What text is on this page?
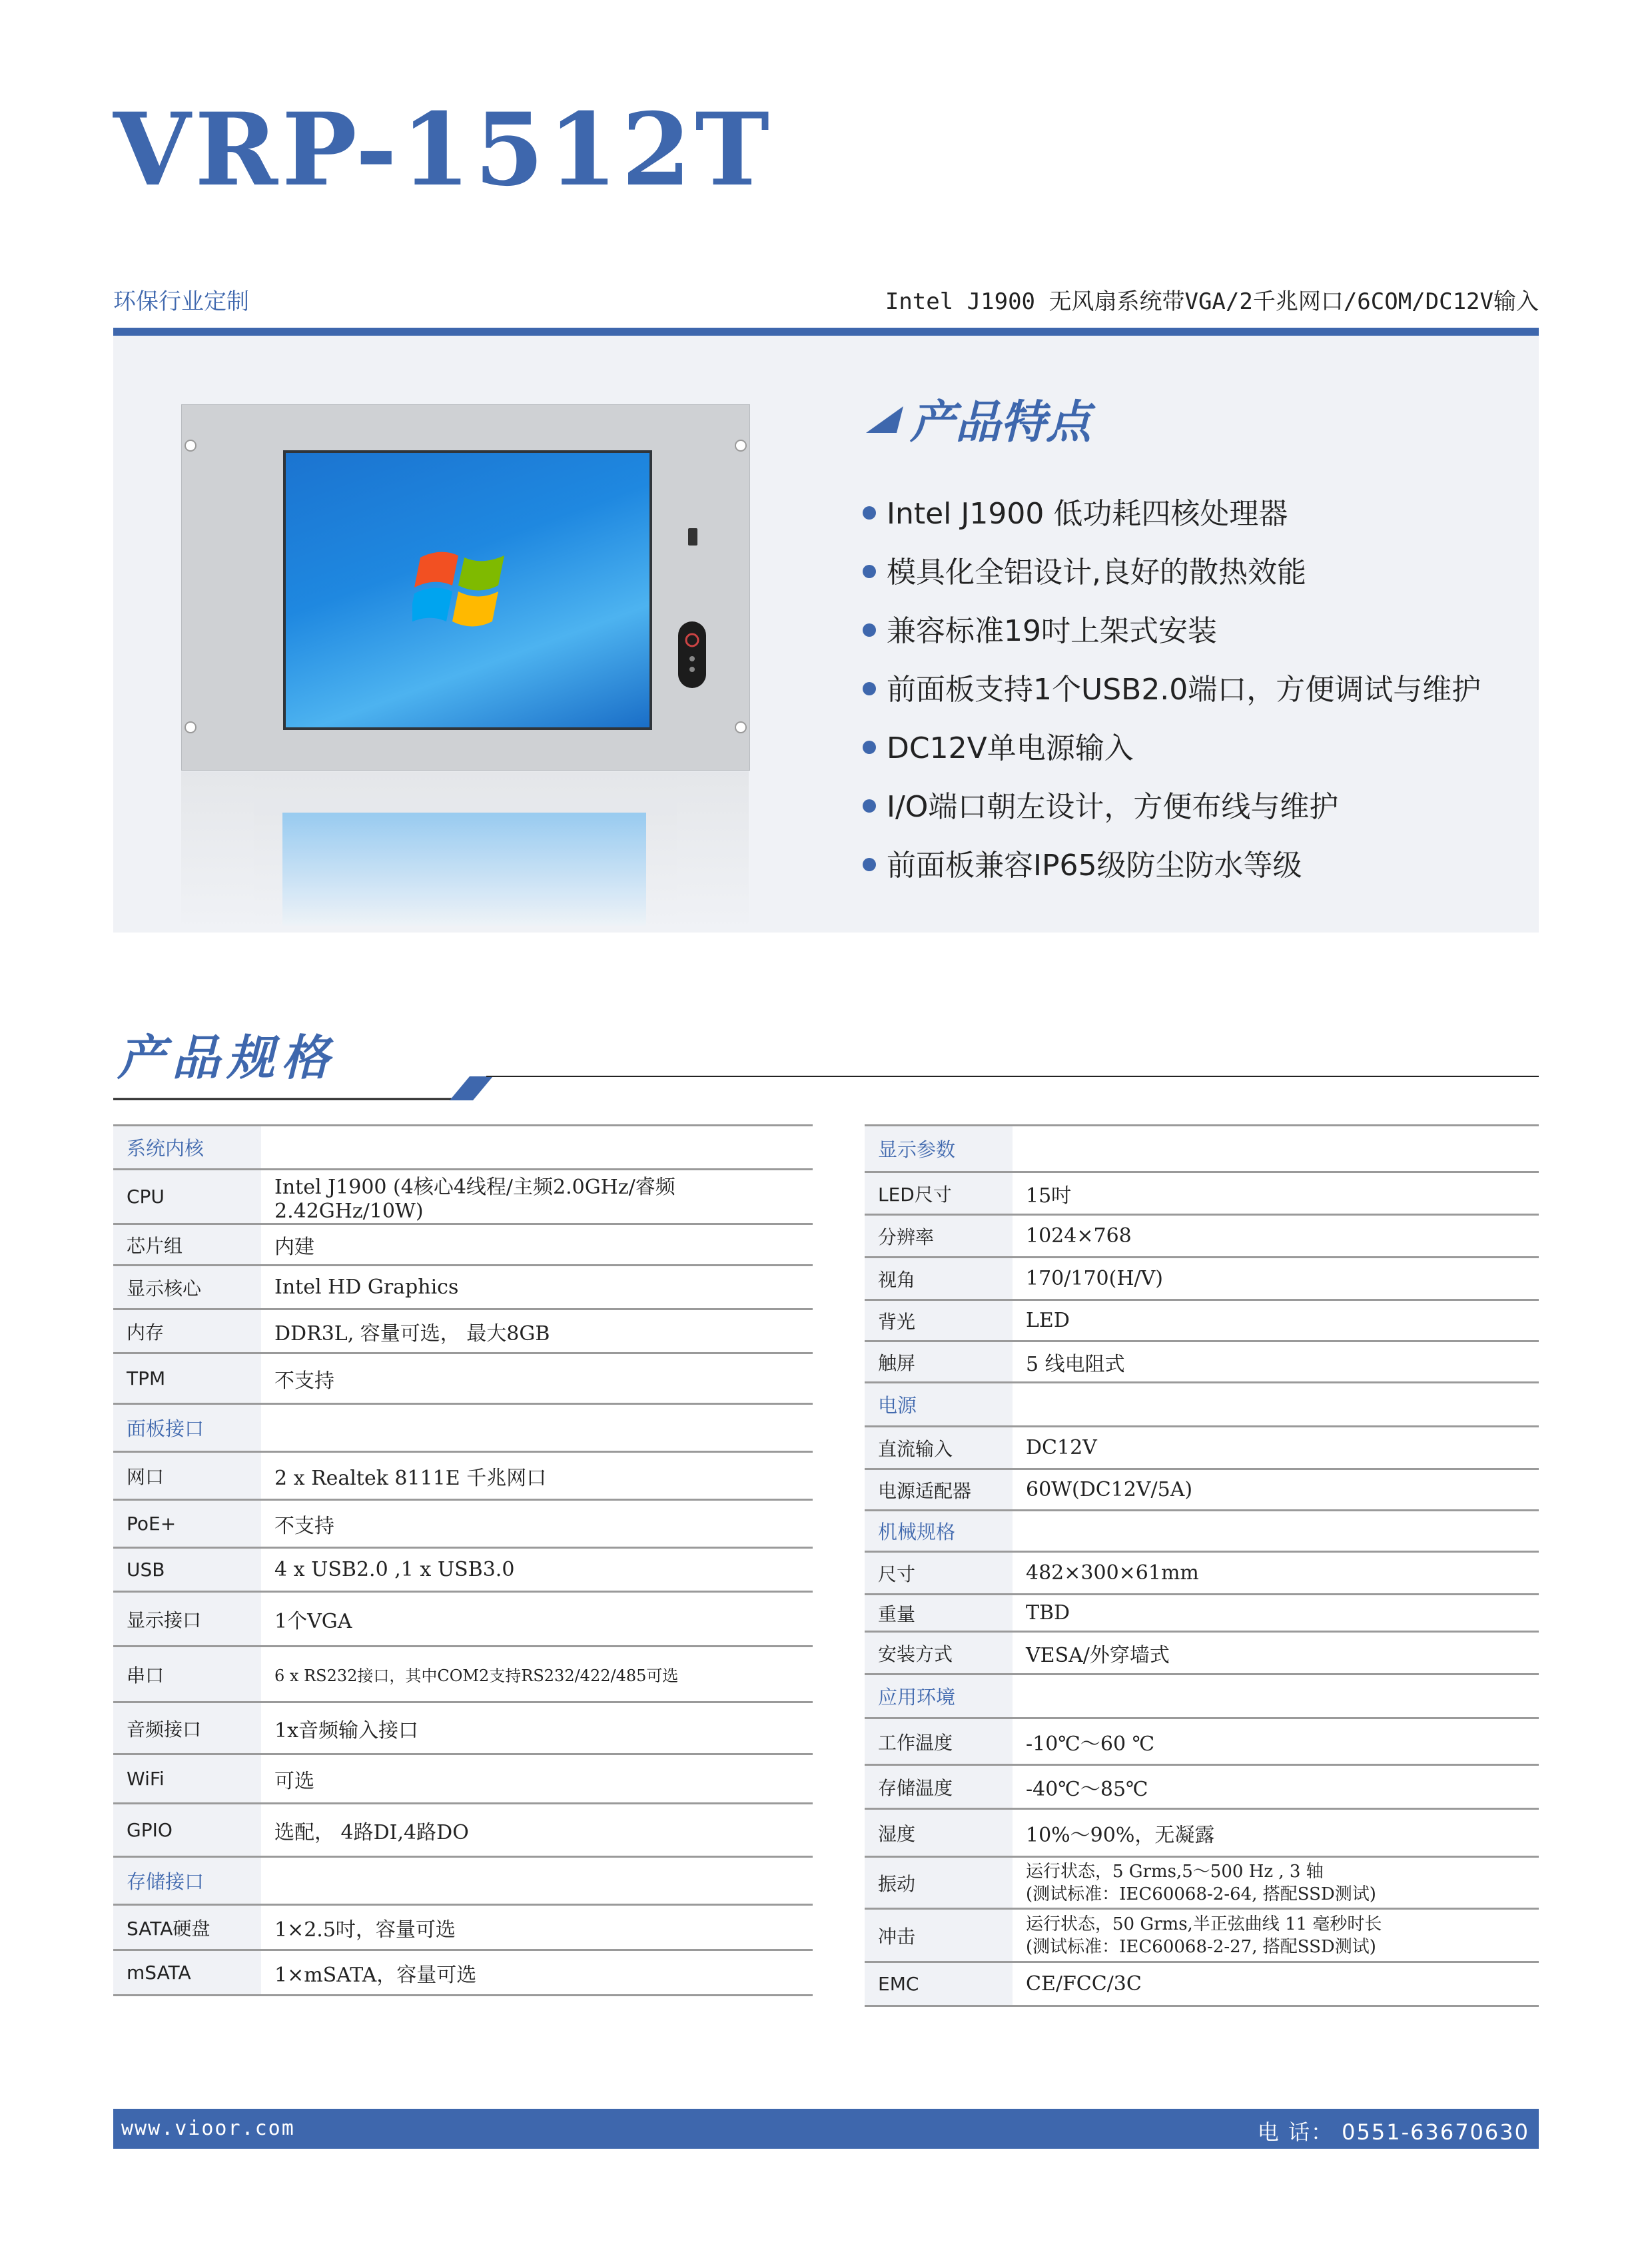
VRP-1512T
环保行业定制	Intel J1900 无风扇系统带VGA/2千兆网口/6COM/DC12V输入
产品特点
Intel J1900 低功耗四核处理器
模具化全铝设计,良好的散热效能
兼容标准19吋上架式安装
前面板支持1个USB2.0端口，方便调试与维护
DC12V单电源输入
I/O端口朝左设计，方便布线与维护
前面板兼容IP65级防尘防水等级
产品规格
系统内核	
CPU	Intel J1900 (4核心4线程/主频2.0GHz/睿频2.42GHz/10W)
芯片组	内建
显示核心	Intel HD Graphics
内存	DDR3L, 容量可选， 最大8GB
TPM	不支持
面板接口	
网口	2 x Realtek 8111E 千兆网口
PoE+	不支持
USB	4 x USB2.0 ,1 x USB3.0
显示接口	1个VGA
串口	6 x RS232接口，其中COM2支持RS232/422/485可选
音频接口	1x音频输入接口
WiFi	可选
GPIO	选配， 4路DI,4路DO
存储接口	
SATA硬盘	1×2.5吋，容量可选
mSATA	1×mSATA，容量可选
显示参数	
LED尺寸	15吋
分辨率	1024×768
视角	170/170(H/V)
背光	LED
触屏	5 线电阻式
电源	
直流输入	DC12V
电源适配器	60W(DC12V/5A)
机械规格	
尺寸	482×300×61mm
重量	TBD
安装方式	VESA/外穿墙式
应用环境	
工作温度	-10℃～60 ℃
存储温度	-40℃～85℃
湿度	10%～90%，无凝露
振动	运行状态，5 Grms,5～500 Hz , 3 轴
(测试标准：IEC60068-2-64, 搭配SSD测试)

冲击	运行状态，50 Grms,半正弦曲线 11 毫秒时长
(测试标准：IEC60068-2-27, 搭配SSD测试)

EMC	CE/FCC/3C
www.vioor.com	电 话： 0551-63670630
